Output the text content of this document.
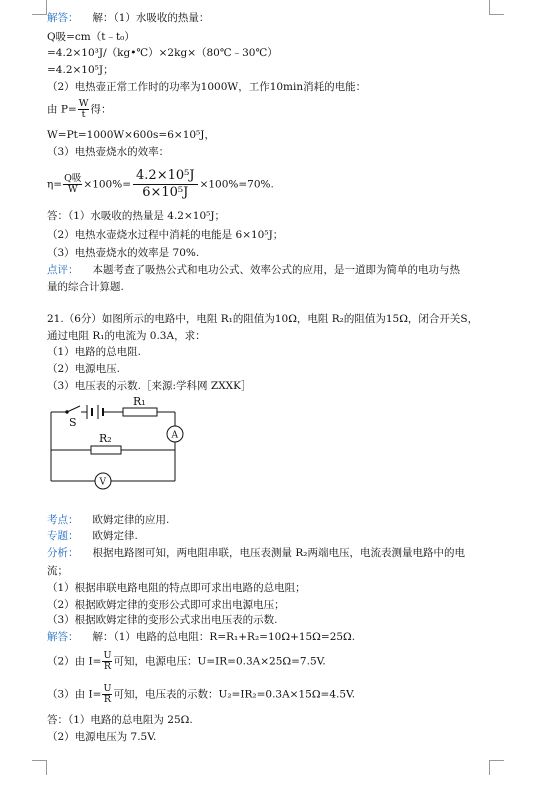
解答： 解：（1）水吸收的热量：
Q吸=cm（t﹣t₀）
=4.2×10³J/（kg•℃）×2kg×（80℃﹣30℃）
=4.2×10⁵J；
（2）电热壶正常工作时的功率为1000W，工作10min消耗的电能：
由 $P= \frac{W}{t}$ 得：
W=Pt=1000W×600s=6×10⁵J，
（3）电热壶烧水的效率：
$\eta= \frac{\text{Q吸}}{W} \times 100\%= \frac{\text{4.2×10⁵J}}{\text{6×10⁵J}} \times 100\%=70\%$.
答：（1）水吸收的热量是 4.2×10⁵J；
（2）电热水壶烧水过程中消耗的电能是 6×10⁵J；
（3）电热壶烧水的效率是 70%.
点评： 本题考查了吸热公式和电功公式、效率公式的应用，是一道即为简单的电功与热
量的综合计算题.
21.（6分）如图所示的电路中，电阻 R₁的阻值为10Ω，电阻 R₂的阻值为15Ω，闭合开关S，
通过电阻 R₁的电流为 0.3A，求：
（1）电路的总电阻.
（2）电源电压.
（3）电压表的示数.［来源:学科网 ZXXK］
R₁
R₂
S
A
V
考点： 欧姆定律的应用.
专题： 欧姆定律.
分析： 根据电路图可知，两电阻串联，电压表测量 R₂两端电压，电流表测量电路中的电
流；
（1）根据串联电路电阻的特点即可求出电路的总电阻；
（2）根据欧姆定律的变形公式即可求出电源电压；
（3）根据欧姆定律的变形公式求出电压表的示数.
解答： 解：（1）电路的总电阻：R=R₁+R₂=10Ω+15Ω=25Ω.
（2）由 $I= \frac{U}{R}$ 可知，电源电压：U=IR=0.3A×25Ω=7.5V.
（3）由 $I= \frac{U}{R}$ 可知，电压表的示数：U₂=IR₂=0.3A×15Ω=4.5V.
答：（1）电路的总电阻为 25Ω.
（2）电源电压为 7.5V.
